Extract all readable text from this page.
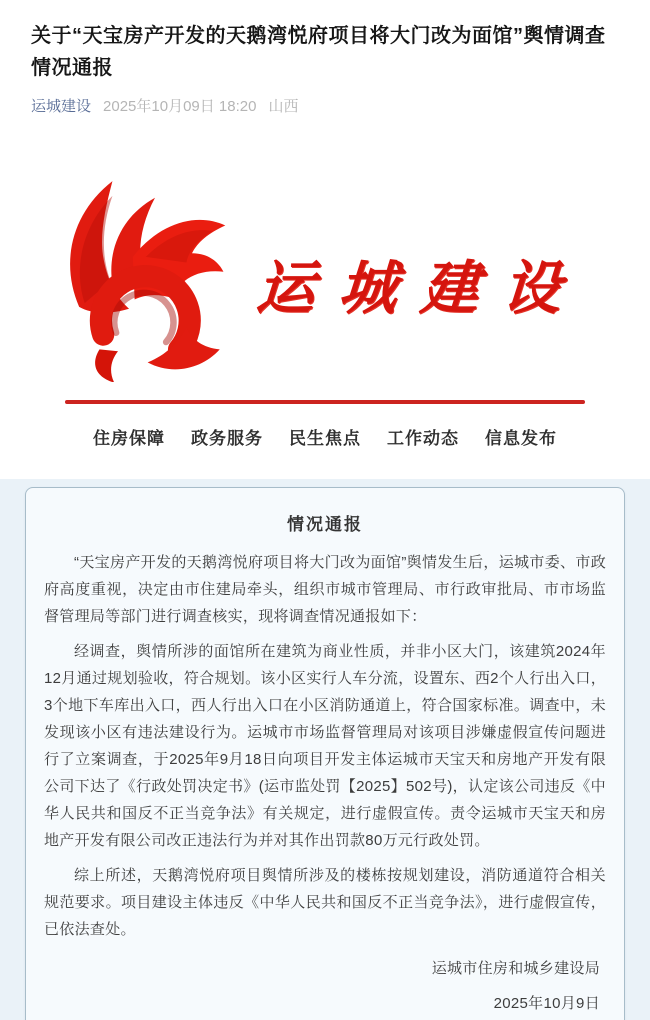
关于“天宝房产开发的天鹅湾悦府项目将大门改为面馆”舆情调查情况通报
运城建设 2025年10月09日 18:20 山西
运城建设
住房保障 政务服务 民生焦点 工作动态 信息发布
情况通报

“天宝房产开发的天鹅湾悦府项目将大门改为面馆”舆情发生后，运城市委、市政府高度重视，决定由市住建局牵头，组织市城市管理局、市行政审批局、市市场监督管理局等部门进行调查核实，现将调查情况通报如下：

经调查，舆情所涉的面馆所在建筑为商业性质，并非小区大门，该建筑2024年12月通过规划验收，符合规划。该小区实行人车分流，设置东、西2个人行出入口，3个地下车库出入口，西人行出入口在小区消防通道上，符合国家标准。调查中，未发现该小区有违法建设行为。运城市市场监督管理局对该项目涉嫌虚假宣传问题进行了立案调查，于2025年9月18日向项目开发主体运城市天宝天和房地产开发有限公司下达了《行政处罚决定书》(运市监处罚【2025】502号)，认定该公司违反《中华人民共和国反不正当竞争法》有关规定，进行虚假宣传。责令运城市天宝天和房地产开发有限公司改正违法行为并对其作出罚款80万元行政处罚。

综上所述，天鹅湾悦府项目舆情所涉及的楼栋按规划建设，消防通道符合相关规范要求。项目建设主体违反《中华人民共和国反不正当竞争法》，进行虚假宣传，已依法查处。

运城市住房和城乡建设局

2025年10月9日
